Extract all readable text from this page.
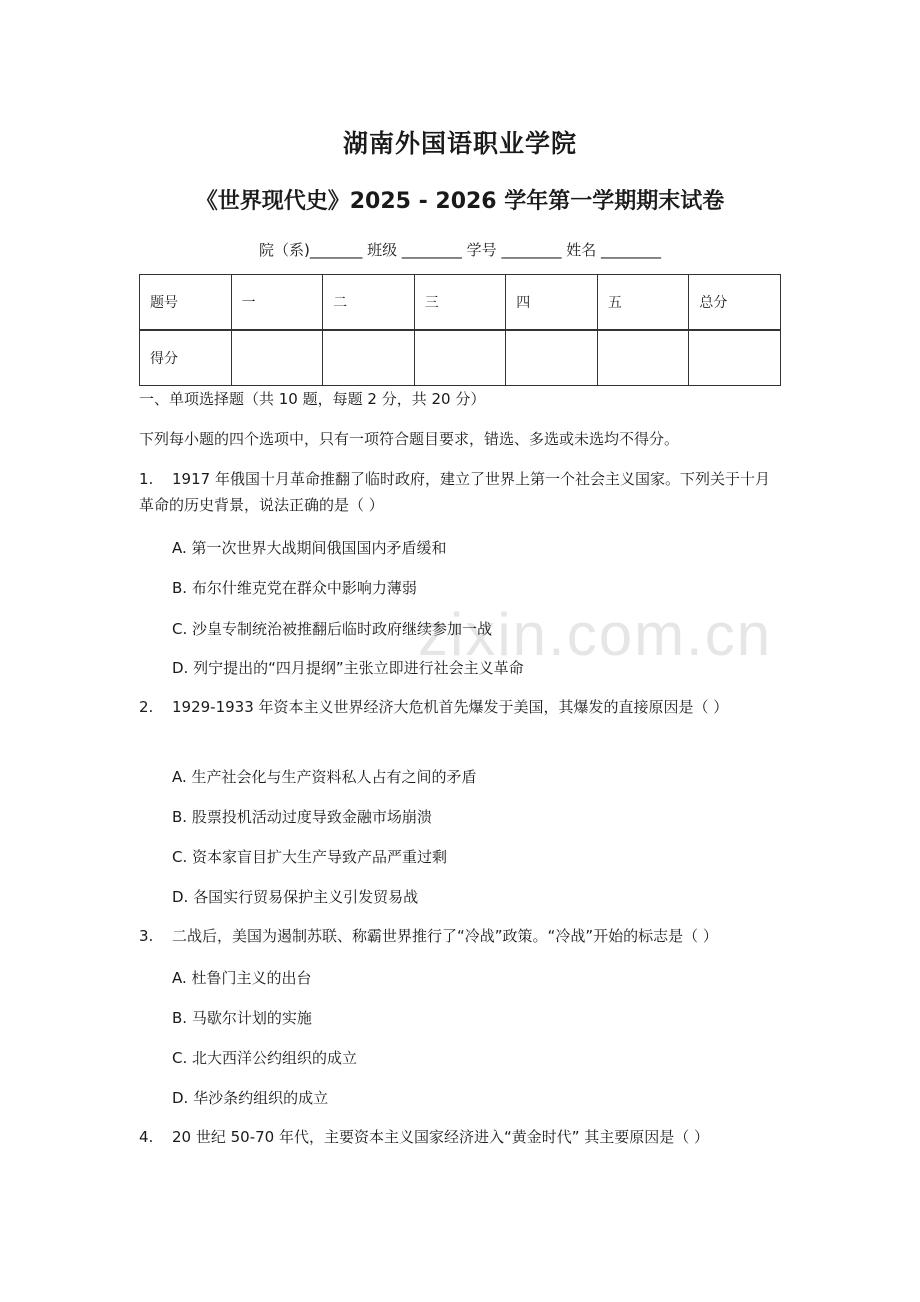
zixin.com.cn
湖南外国语职业学院
《世界现代史》2025 - 2026 学年第一学期期末试卷
院（系)_______ 班级 ________ 学号 ________ 姓名 ________
题号	一	二	三	四	五	总分
得分						
一、单项选择题（共 10 题，每题 2 分，共 20 分）
下列每小题的四个选项中，只有一项符合题目要求，错选、多选或未选均不得分。
1. 1917 年俄国十月革命推翻了临时政府，建立了世界上第一个社会主义国家。下列关于十月革命的历史背景，说法正确的是（ ）
A. 第一次世界大战期间俄国国内矛盾缓和
B. 布尔什维克党在群众中影响力薄弱
C. 沙皇专制统治被推翻后临时政府继续参加一战
D. 列宁提出的“四月提纲”主张立即进行社会主义革命
2. 1929-1933 年资本主义世界经济大危机首先爆发于美国，其爆发的直接原因是（ ）
A. 生产社会化与生产资料私人占有之间的矛盾
B. 股票投机活动过度导致金融市场崩溃
C. 资本家盲目扩大生产导致产品严重过剩
D. 各国实行贸易保护主义引发贸易战
3. 二战后，美国为遏制苏联、称霸世界推行了“冷战”政策。“冷战”开始的标志是（ ）
A. 杜鲁门主义的出台
B. 马歇尔计划的实施
C. 北大西洋公约组织的成立
D. 华沙条约组织的成立
4. 20 世纪 50-70 年代，主要资本主义国家经济进入“黄金时代” 其主要原因是（ ）
